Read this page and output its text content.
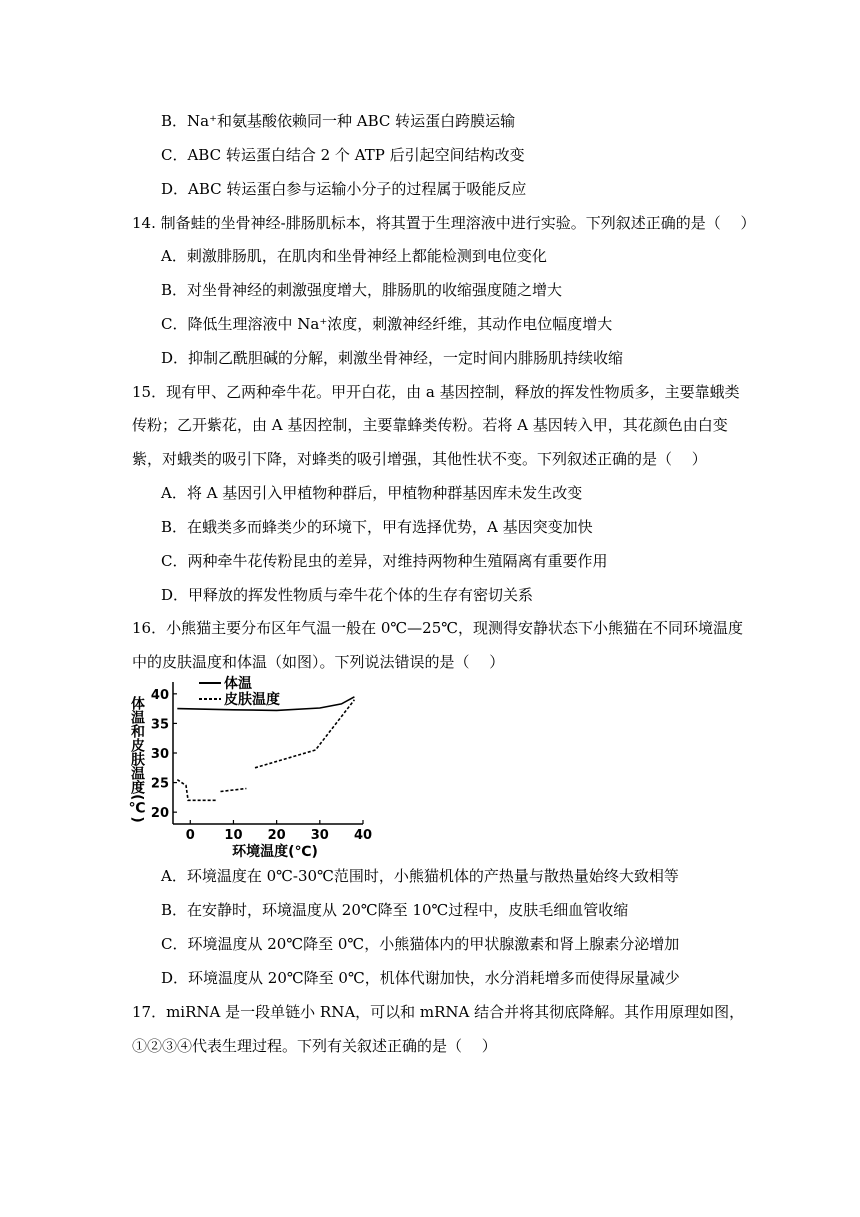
B．Na⁺和氨基酸依赖同一种 ABC 转运蛋白跨膜运输
C．ABC 转运蛋白结合 2 个 ATP 后引起空间结构改变
D．ABC 转运蛋白参与运输小分子的过程属于吸能反应
14. 制备蛙的坐骨神经-腓肠肌标本，将其置于生理溶液中进行实验。下列叙述正确的是（　 ）
A．刺激腓肠肌，在肌肉和坐骨神经上都能检测到电位变化
B．对坐骨神经的刺激强度增大，腓肠肌的收缩强度随之增大
C．降低生理溶液中 Na⁺浓度，刺激神经纤维，其动作电位幅度增大
D．抑制乙酰胆碱的分解，刺激坐骨神经，一定时间内腓肠肌持续收缩
15．现有甲、乙两种牵牛花。甲开白花，由 a 基因控制，释放的挥发性物质多，主要靠蛾类
传粉；乙开紫花，由 A 基因控制，主要靠蜂类传粉。若将 A 基因转入甲，其花颜色由白变
紫，对蛾类的吸引下降，对蜂类的吸引增强，其他性状不变。下列叙述正确的是（　 ）
A．将 A 基因引入甲植物种群后，甲植物种群基因库未发生改变
B．在蛾类多而蜂类少的环境下，甲有选择优势，A 基因突变加快
C．两种牵牛花传粉昆虫的差异，对维持两物种生殖隔离有重要作用
D．甲释放的挥发性物质与牵牛花个体的生存有密切关系
16．小熊猫主要分布区年气温一般在 0℃—25℃，现测得安静状态下小熊猫在不同环境温度
中的皮肤温度和体温（如图）。下列说法错误的是（　 ）
20
25
30
35
40
0 10 20 30 40
体温
皮肤温度
体温和皮肤温度(℃)
环境温度(℃)
A．环境温度在 0℃-30℃范围时，小熊猫机体的产热量与散热量始终大致相等
B．在安静时，环境温度从 20℃降至 10℃过程中，皮肤毛细血管收缩
C．环境温度从 20℃降至 0℃，小熊猫体内的甲状腺激素和肾上腺素分泌增加
D．环境温度从 20℃降至 0℃，机体代谢加快，水分消耗增多而使得尿量减少
17．miRNA 是一段单链小 RNA，可以和 mRNA 结合并将其彻底降解。其作用原理如图，
①②③④代表生理过程。下列有关叙述正确的是（　 ）
